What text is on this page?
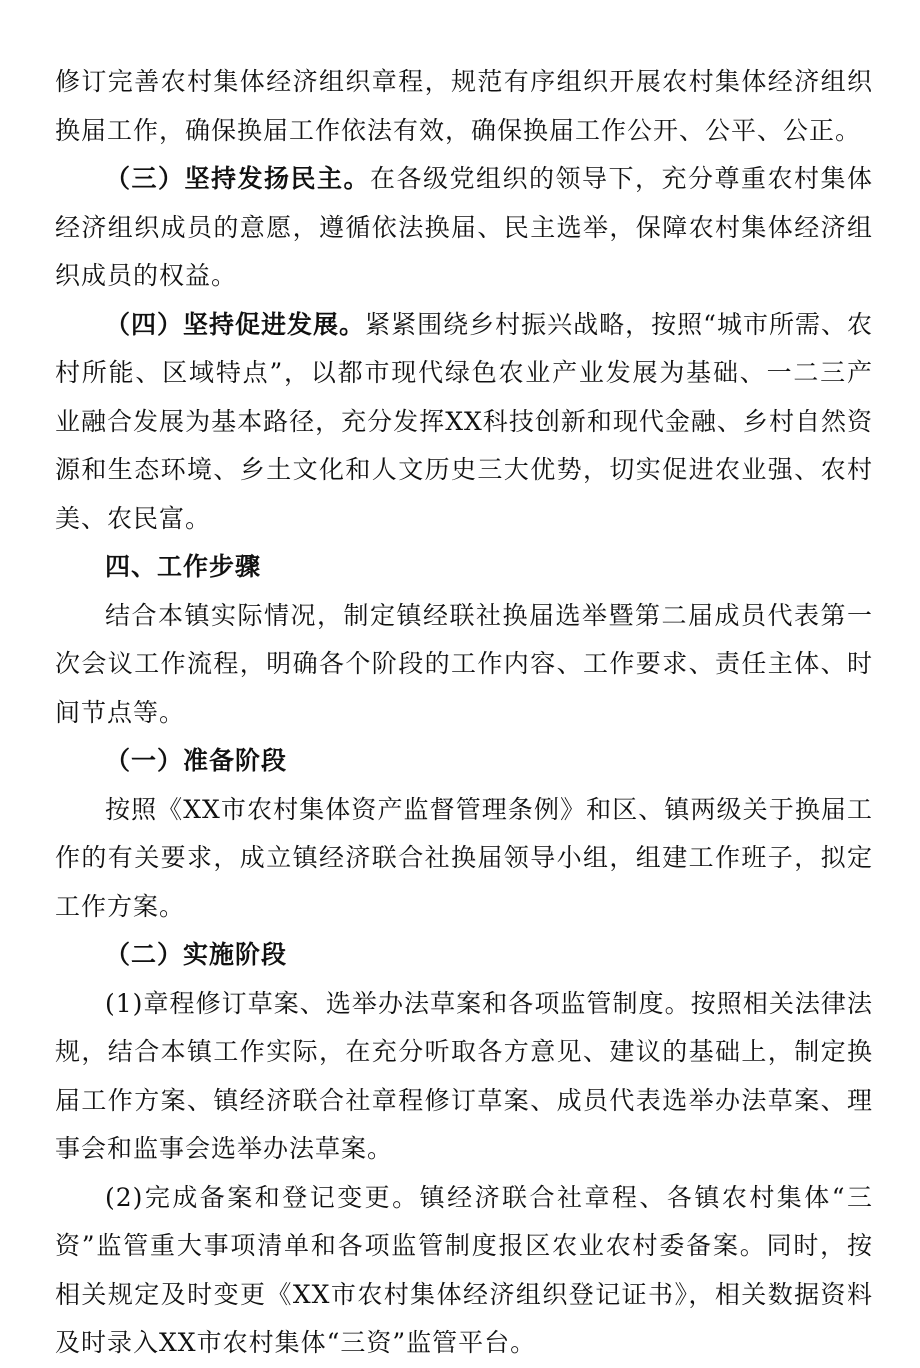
修订完善农村集体经济组织章程，规范有序组织开展农村集体经济组织换届工作，确保换届工作依法有效，确保换届工作公开、公平、公正。

（三）坚持发扬民主。在各级党组织的领导下，充分尊重农村集体经济组织成员的意愿，遵循依法换届、民主选举，保障农村集体经济组织成员的权益。

（四）坚持促进发展。紧紧围绕乡村振兴战略，按照“城市所需、农村所能、区域特点”，以都市现代绿色农业产业发展为基础、一二三产业融合发展为基本路径，充分发挥XX科技创新和现代金融、乡村自然资源和生态环境、乡土文化和人文历史三大优势，切实促进农业强、农村美、农民富。

四、工作步骤

结合本镇实际情况，制定镇经联社换届选举暨第二届成员代表第一次会议工作流程，明确各个阶段的工作内容、工作要求、责任主体、时间节点等。

（一）准备阶段

按照《XX市农村集体资产监督管理条例》和区、镇两级关于换届工作的有关要求，成立镇经济联合社换届领导小组，组建工作班子，拟定工作方案。

（二）实施阶段

(1)章程修订草案、选举办法草案和各项监管制度。按照相关法律法规，结合本镇工作实际，在充分听取各方意见、建议的基础上，制定换届工作方案、镇经济联合社章程修订草案、成员代表选举办法草案、理事会和监事会选举办法草案。

(2)完成备案和登记变更。镇经济联合社章程、各镇农村集体“三资”监管重大事项清单和各项监管制度报区农业农村委备案。同时，按相关规定及时变更《XX市农村集体经济组织登记证书》，相关数据资料及时录入XX市农村集体“三资”监管平台。
